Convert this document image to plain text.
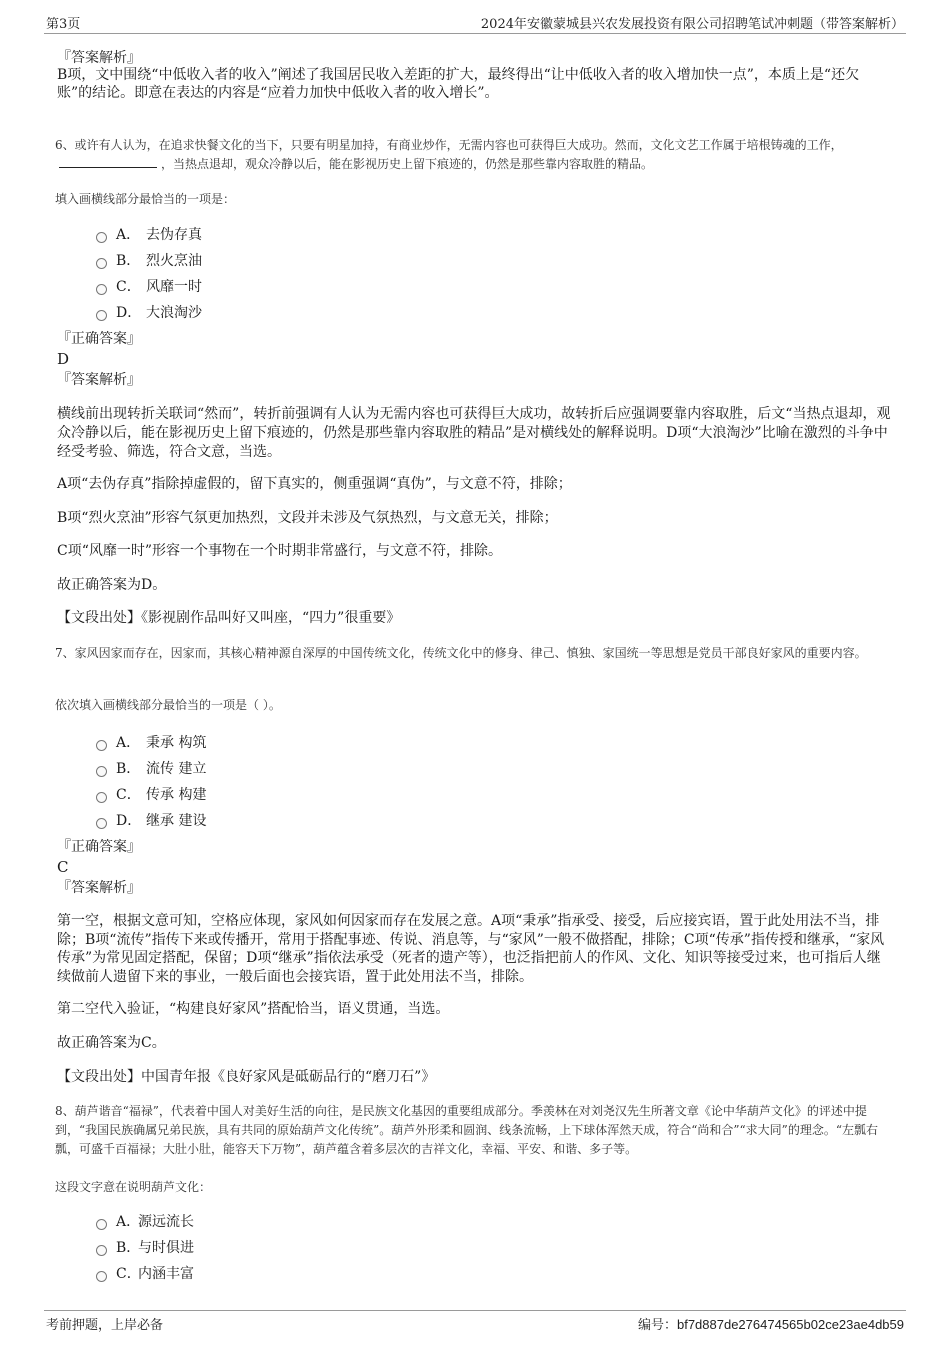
第3页	2024年安徽蒙城县兴农发展投资有限公司招聘笔试冲刺题（带答案解析）
『答案解析』
B项，文中围绕“中低收入者的收入”阐述了我国居民收入差距的扩大，最终得出“让中低收入者的收入增加快一点”，本质上是“还欠账”的结论。即意在表达的内容是“应着力加快中低收入者的收入增长”。
6、或许有人认为，在追求快餐文化的当下，只要有明星加持，有商业炒作，无需内容也可获得巨大成功。然而，文化文艺工作属于培根铸魂的工作，，当热点退却，观众冷静以后，能在影视历史上留下痕迹的，仍然是那些靠内容取胜的精品。
填入画横线部分最恰当的一项是：
A． 去伪存真
B． 烈火烹油
C． 风靡一时
D． 大浪淘沙
『正确答案』
D
『答案解析』
横线前出现转折关联词“然而”，转折前强调有人认为无需内容也可获得巨大成功，故转折后应强调要靠内容取胜，后文“当热点退却，观众冷静以后，能在影视历史上留下痕迹的，仍然是那些靠内容取胜的精品”是对横线处的解释说明。D项“大浪淘沙”比喻在激烈的斗争中经受考验、筛选，符合文意，当选。
A项“去伪存真”指除掉虚假的，留下真实的，侧重强调“真伪”，与文意不符，排除；
B项“烈火烹油”形容气氛更加热烈，文段并未涉及气氛热烈，与文意无关，排除；
C项“风靡一时”形容一个事物在一个时期非常盛行，与文意不符，排除。
故正确答案为D。
【文段出处】《影视剧作品叫好又叫座，“四力”很重要》
7、家风因家而存在，因家而，其核心精神源自深厚的中国传统文化，传统文化中的修身、律己、慎独、家国统一等思想是党员干部良好家风的重要内容。
依次填入画横线部分最恰当的一项是（ ）。
A． 秉承 构筑
B． 流传 建立
C． 传承 构建
D． 继承 建设
『正确答案』
C
『答案解析』
第一空，根据文意可知，空格应体现，家风如何因家而存在发展之意。A项“秉承”指承受、接受，后应接宾语，置于此处用法不当，排除；B项“流传”指传下来或传播开，常用于搭配事迹、传说、消息等，与“家风”一般不做搭配，排除；C项“传承”指传授和继承，“家风传承”为常见固定搭配，保留；D项“继承”指依法承受（死者的遗产等），也泛指把前人的作风、文化、知识等接受过来，也可指后人继续做前人遗留下来的事业，一般后面也会接宾语，置于此处用法不当，排除。
第二空代入验证，“构建良好家风”搭配恰当，语义贯通，当选。
故正确答案为C。
【文段出处】中国青年报《良好家风是砥砺品行的“磨刀石”》
8、葫芦谐音“福禄”，代表着中国人对美好生活的向往，是民族文化基因的重要组成部分。季羡林在对刘尧汉先生所著文章《论中华葫芦文化》的评述中提到，“我国民族确属兄弟民族，具有共同的原始葫芦文化传统”。葫芦外形柔和圆润、线条流畅，上下球体浑然天成，符合“尚和合”“求大同”的理念。“左瓢右瓢，可盛千百福禄；大肚小肚，能容天下万物”，葫芦蕴含着多层次的吉祥文化，幸福、平安、和谐、多子等。
这段文字意在说明葫芦文化：
A．
源远流长
B．
与时俱进
C．
内涵丰富
考前押题，上岸必备	编号：bf7d887de276474565b02ce23ae4db59
